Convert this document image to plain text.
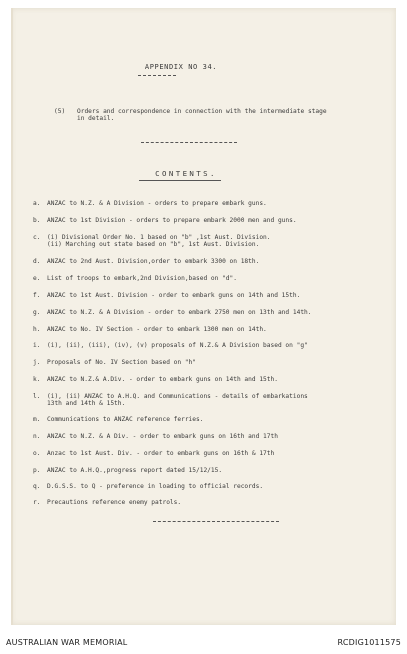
APPENDIX NO 34.
(5) Orders and correspondence in connection with the intermediate stage
in detail.
CONTENTS.
a.	ANZAC to N.Z. & A Division - orders to prepare embark guns.
b.	ANZAC to 1st Division - orders to prepare embark 2000 men and guns.
c.	(i) Divisional Order No. 1 based on "b" ,1st Aust. Division.
(ii) Marching out state based on "b", 1st Aust. Division.
d.	ANZAC to 2nd Aust. Division,order to embark 3300 on 18th.
e.	List of troops to embark,2nd Division,based on "d".
f.	ANZAC to 1st Aust. Division - order to embark guns on 14th and 15th.
g.	ANZAC to N.Z. & A Division - order to embark 2750 men on 13th and 14th.
h.	ANZAC to No. IV Section - order to embark 1300 men on 14th.
i.	(i), (ii), (iii), (iv), (v) proposals of N.Z.& A Division based on "g"
j.	Proposals of No. IV Section based on "h"
k.	ANZAC to N.Z.& A.Div. - order to embark guns on 14th and 15th.
l.	(i), (ii) ANZAC to A.H.Q. and Communications - details of embarkations
13th and 14th & 15th.
m.	Communications to ANZAC reference ferries.
n.	ANZAC to N.Z. & A Div. - order to embark guns on 16th and 17th
o.	Anzac to 1st Aust. Div. - order to embark guns on 16th & 17th
p.	ANZAC to A.H.Q.,progress report dated 15/12/15.
q.	D.G.S.S. to Q - preference in loading to official records.
r.	Precautions reference enemy patrols.
AUSTRALIAN WAR MEMORIAL	RCDIG1011575
